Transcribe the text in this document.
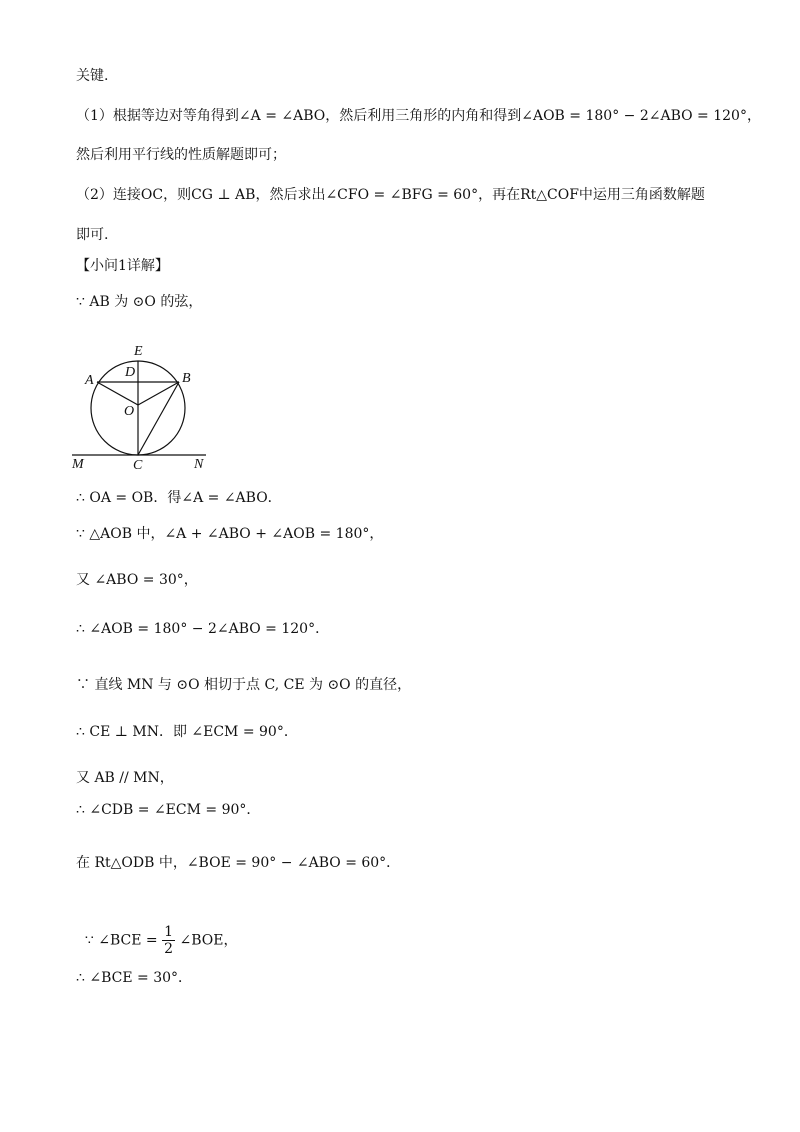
关键.
（1）根据等边对等角得到∠A = ∠ABO，然后利用三角形的内角和得到∠AOB = 180° − 2∠ABO = 120°，
然后利用平行线的性质解题即可；
（2）连接OC，则CG ⊥ AB，然后求出∠CFO = ∠BFG = 60°，再在Rt△COF中运用三角函数解题
即可.
【小问1详解】
∵ AB 为 ⊙O 的弦，
E
D
A	B
O
M	C	N
∴ OA = OB．得∠A = ∠ABO．
∵ △AOB 中，∠A + ∠ABO + ∠AOB = 180°，
又 ∠ABO = 30°，
∴ ∠AOB = 180° − 2∠ABO = 120°．
∵ 直线 MN 与 ⊙O 相切于点 C, CE 为 ⊙O 的直径，
∴ CE ⊥ MN．即 ∠ECM = 90°．
又 AB // MN，
∴ ∠CDB = ∠ECM = 90°．
在 Rt△ODB 中，∠BOE = 90° − ∠ABO = 60°．

∵ ∠BCE = $\frac{1}{2}$ ∠BOE，

∴ ∠BCE = 30°．
